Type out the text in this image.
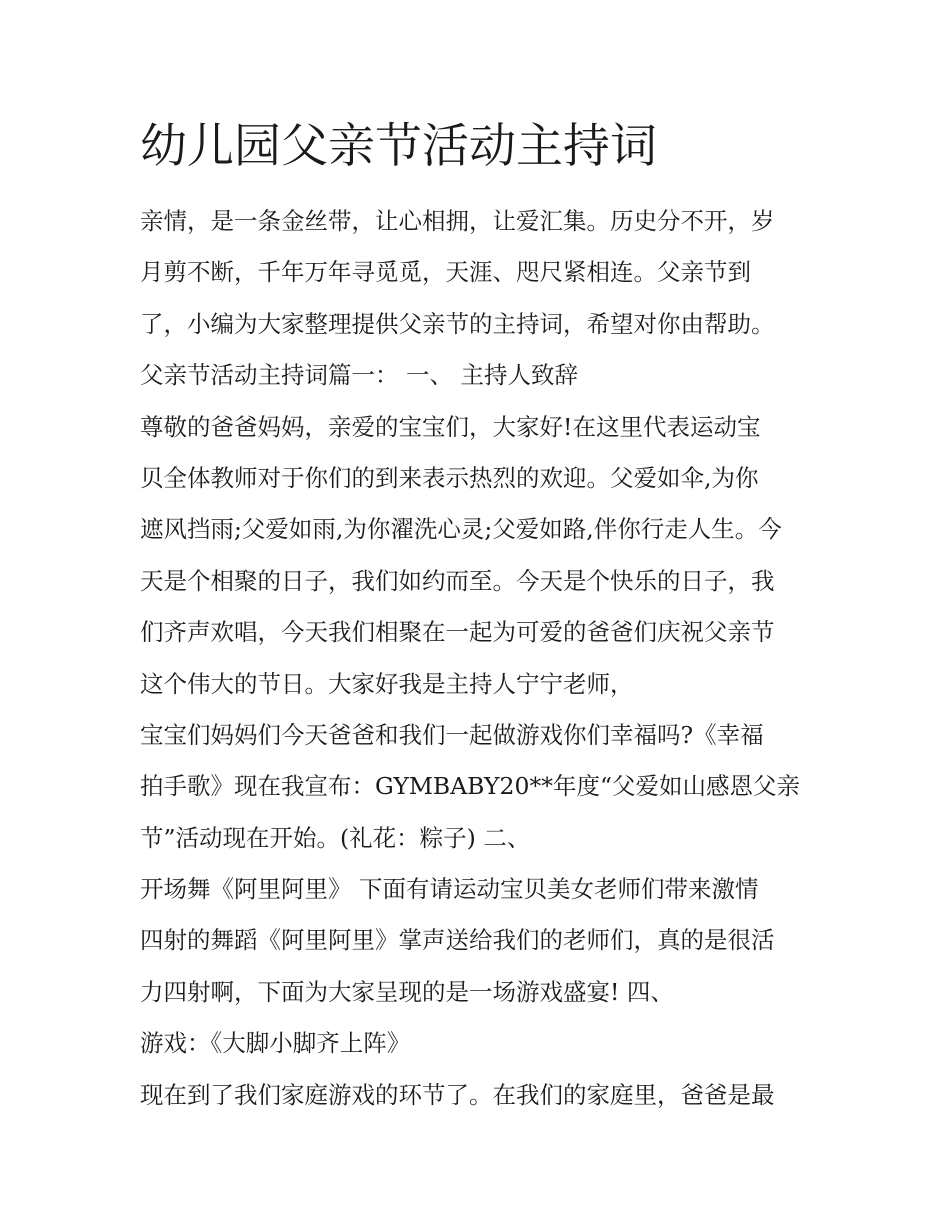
幼儿园父亲节活动主持词
亲情，是一条金丝带，让心相拥，让爱汇集。历史分不开，岁
月剪不断，千年万年寻觅觅，天涯、咫尺紧相连。父亲节到
了，小编为大家整理提供父亲节的主持词，希望对你由帮助。
父亲节活动主持词篇一： 一、 主持人致辞
尊敬的爸爸妈妈，亲爱的宝宝们，大家好!在这里代表运动宝
贝全体教师对于你们的到来表示热烈的欢迎。父爱如伞,为你
遮风挡雨;父爱如雨,为你濯洗心灵;父爱如路,伴你行走人生。今
天是个相聚的日子，我们如约而至。今天是个快乐的日子，我
们齐声欢唱，今天我们相聚在一起为可爱的爸爸们庆祝父亲节
这个伟大的节日。大家好我是主持人宁宁老师，
宝宝们妈妈们今天爸爸和我们一起做游戏你们幸福吗?《幸福
拍手歌》现在我宣布：GYMBABY20**年度“父爱如山感恩父亲
节”活动现在开始。(礼花：粽子) 二、
开场舞《阿里阿里》 下面有请运动宝贝美女老师们带来激情
四射的舞蹈《阿里阿里》掌声送给我们的老师们，真的是很活
力四射啊，下面为大家呈现的是一场游戏盛宴! 四、
游戏：《大脚小脚齐上阵》
现在到了我们家庭游戏的环节了。在我们的家庭里，爸爸是最
